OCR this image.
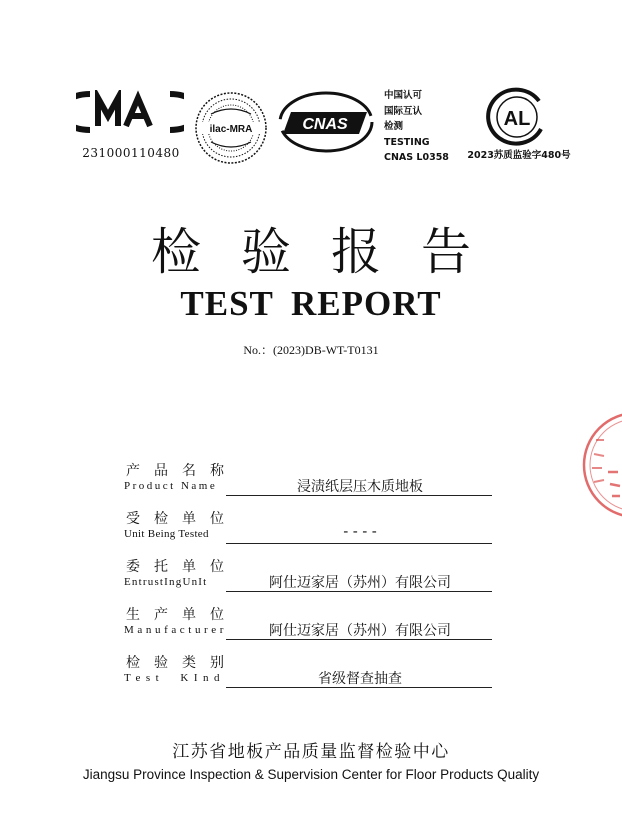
231000110480
ilac-MRA	CNAS
中国认可
国际互认
检测
TESTING
CNAS L0358
AL
2023苏质监验字480号
检验报告
TEST REPORT
No.：(2023)DB-WT-T0131
产品名称
Product Name	浸渍纸层压木质地板
受检单位
Unit Being Tested	- - - -
委托单位
EntrustIngUnIt	阿仕迈家居（苏州）有限公司
生产单位
Manufacturer	阿仕迈家居（苏州）有限公司
检验类别
Test KInd	省级督查抽查
江苏省地板产品质量监督检验中心
Jiangsu Province Inspection & Supervision Center for Floor Products Quality
